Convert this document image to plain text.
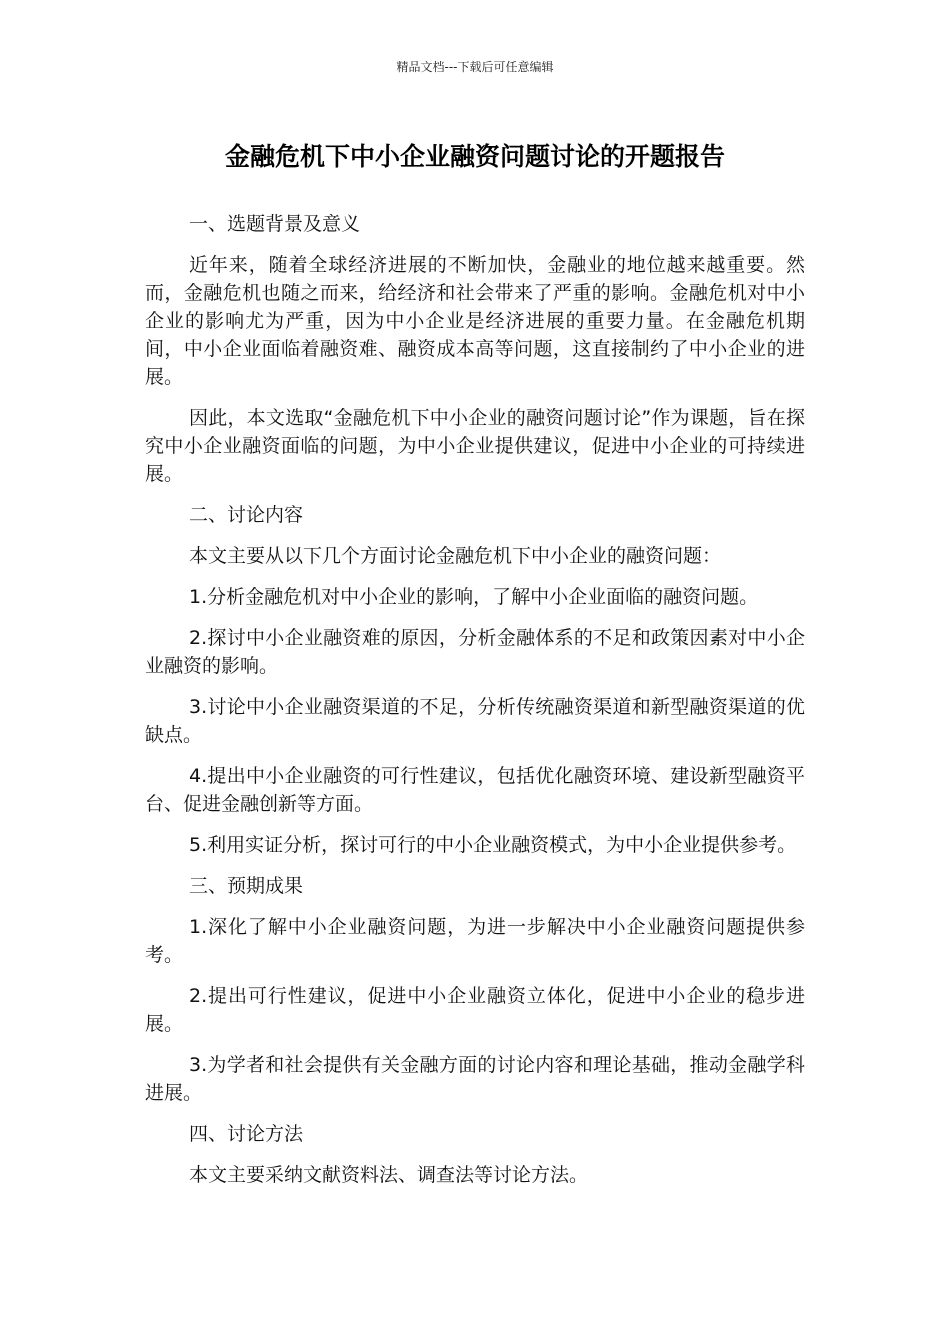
精品文档---下载后可任意编辑
金融危机下中小企业融资问题讨论的开题报告

一、选题背景及意义

近年来，随着全球经济进展的不断加快，金融业的地位越来越重要。然而，金融危机也随之而来，给经济和社会带来了严重的影响。金融危机对中小企业的影响尤为严重，因为中小企业是经济进展的重要力量。在金融危机期间，中小企业面临着融资难、融资成本高等问题，这直接制约了中小企业的进展。

因此，本文选取“金融危机下中小企业的融资问题讨论”作为课题，旨在探究中小企业融资面临的问题，为中小企业提供建议，促进中小企业的可持续进展。

二、讨论内容

本文主要从以下几个方面讨论金融危机下中小企业的融资问题：

1.分析金融危机对中小企业的影响，了解中小企业面临的融资问题。

2.探讨中小企业融资难的原因，分析金融体系的不足和政策因素对中小企业融资的影响。

3.讨论中小企业融资渠道的不足，分析传统融资渠道和新型融资渠道的优缺点。

4.提出中小企业融资的可行性建议，包括优化融资环境、建设新型融资平台、促进金融创新等方面。

5.利用实证分析，探讨可行的中小企业融资模式，为中小企业提供参考。

三、预期成果

1.深化了解中小企业融资问题，为进一步解决中小企业融资问题提供参考。

2.提出可行性建议，促进中小企业融资立体化，促进中小企业的稳步进展。

3.为学者和社会提供有关金融方面的讨论内容和理论基础，推动金融学科进展。

四、讨论方法

本文主要采纳文献资料法、调查法等讨论方法。
